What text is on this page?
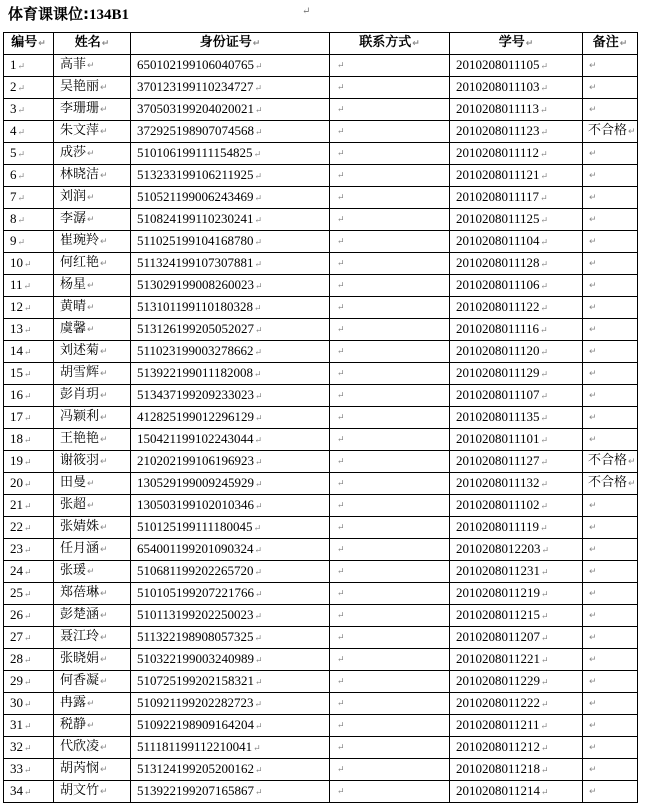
体育课课位:134B1	↵
编号↵	姓名↵	身份证号↵	联系方式↵	学号↵	备注↵
1↵	高菲↵	650102199106040765↵	↵	2010208011105↵	↵
2↵	吴艳丽↵	370123199110234727↵	↵	2010208011103↵	↵
3↵	李珊珊↵	370503199204020021↵	↵	2010208011113↵	↵
4↵	朱文萍↵	372925198907074568↵	↵	2010208011123↵	不合格↵
5↵	成莎↵	510106199111154825↵	↵	2010208011112↵	↵
6↵	林晓洁↵	513233199106211925↵	↵	2010208011121↵	↵
7↵	刘润↵	510521199006243469↵	↵	2010208011117↵	↵
8↵	李潺↵	510824199110230241↵	↵	2010208011125↵	↵
9↵	崔琬羚↵	511025199104168780↵	↵	2010208011104↵	↵
10↵	何红艳↵	511324199107307881↵	↵	2010208011128↵	↵
11↵	杨星↵	513029199008260023↵	↵	2010208011106↵	↵
12↵	黄晴↵	513101199110180328↵	↵	2010208011122↵	↵
13↵	虞馨↵	513126199205052027↵	↵	2010208011116↵	↵
14↵	刘述菊↵	511023199003278662↵	↵	2010208011120↵	↵
15↵	胡雪辉↵	513922199011182008↵	↵	2010208011129↵	↵
16↵	彭肖玥↵	513437199209233023↵	↵	2010208011107↵	↵
17↵	冯颖利↵	412825199012296129↵	↵	2010208011135↵	↵
18↵	王艳艳↵	150421199102243044↵	↵	2010208011101↵	↵
19↵	谢筱羽↵	210202199106196923↵	↵	2010208011127↵	不合格↵
20↵	田曼↵	130529199009245929↵	↵	2010208011132↵	不合格↵
21↵	张超↵	130503199102010346↵	↵	2010208011102↵	↵
22↵	张婧姝↵	510125199111180045↵	↵	2010208011119↵	↵
23↵	任月涵↵	654001199201090324↵	↵	2010208012203↵	↵
24↵	张瑗↵	510681199202265720↵	↵	2010208011231↵	↵
25↵	郑蓓琳↵	510105199207221766↵	↵	2010208011219↵	↵
26↵	彭楚涵↵	510113199202250023↵	↵	2010208011215↵	↵
27↵	聂江玲↵	511322198908057325↵	↵	2010208011207↵	↵
28↵	张晓娟↵	510322199003240989↵	↵	2010208011221↵	↵
29↵	何香凝↵	510725199202158321↵	↵	2010208011229↵	↵
30↵	冉露↵	510921199202282723↵	↵	2010208011222↵	↵
31↵	税静↵	510922198909164204↵	↵	2010208011211↵	↵
32↵	代欣凌↵	511181199112210041↵	↵	2010208011212↵	↵
33↵	胡芮悯↵	513124199205200162↵	↵	2010208011218↵	↵
34↵	胡文竹↵	513922199207165867↵	↵	2010208011214↵	↵
